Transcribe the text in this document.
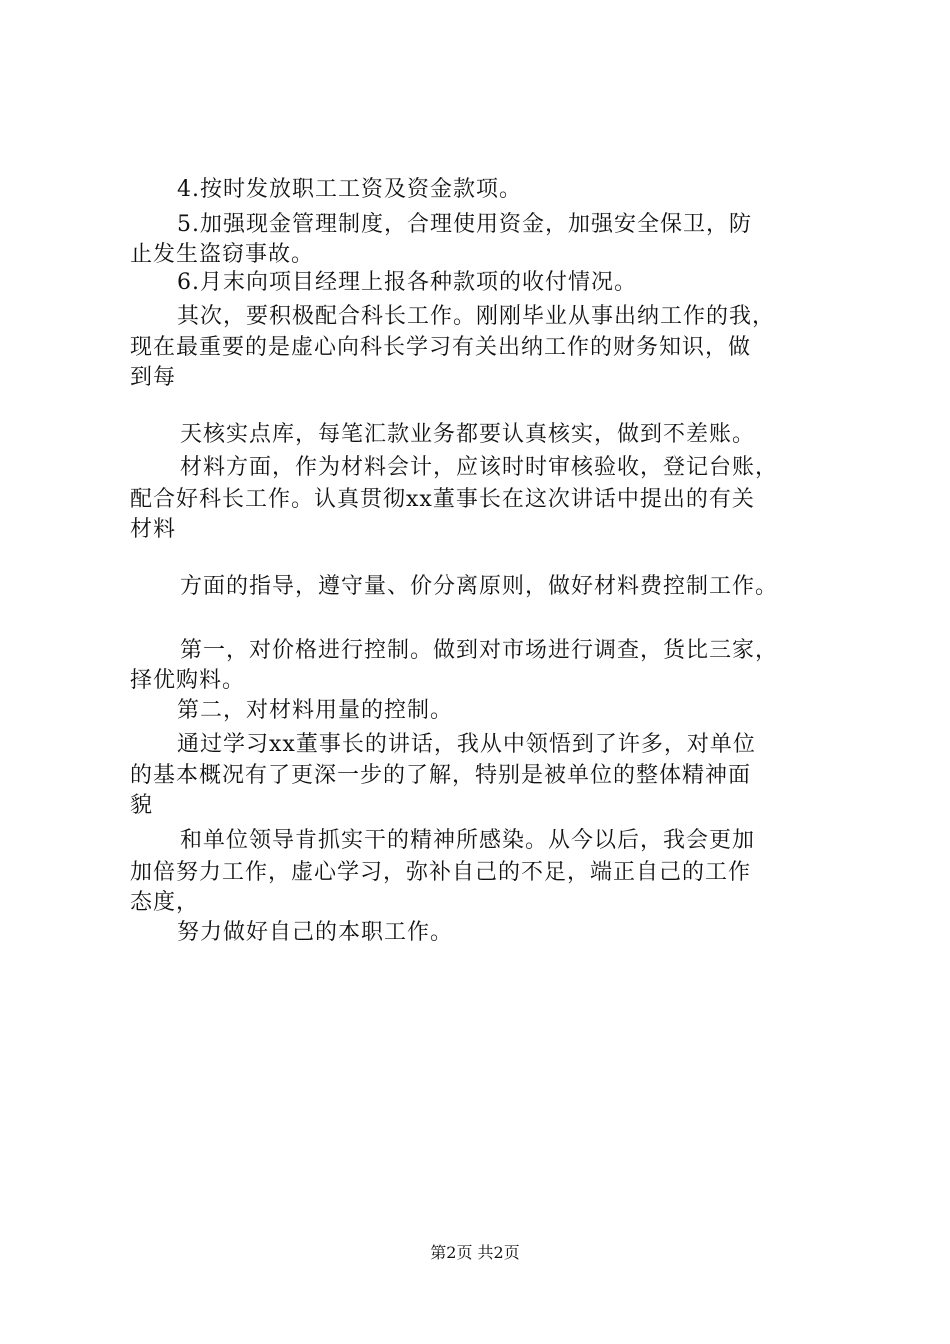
4.按时发放职工工资及资金款项。
5.加强现金管理制度，合理使用资金，加强安全保卫，防
止发生盗窃事故。
6.月末向项目经理上报各种款项的收付情况。
其次，要积极配合科长工作。刚刚毕业从事出纳工作的我，
现在最重要的是虚心向科长学习有关出纳工作的财务知识，做
到每
天核实点库，每笔汇款业务都要认真核实，做到不差账。
材料方面，作为材料会计，应该时时审核验收，登记台账，
配合好科长工作。认真贯彻xx董事长在这次讲话中提出的有关
材料
方面的指导，遵守量、价分离原则，做好材料费控制工作。
第一，对价格进行控制。做到对市场进行调查，货比三家，
择优购料。
第二，对材料用量的控制。
通过学习xx董事长的讲话，我从中领悟到了许多，对单位
的基本概况有了更深一步的了解，特别是被单位的整体精神面
貌
和单位领导肯抓实干的精神所感染。从今以后，我会更加
加倍努力工作，虚心学习，弥补自己的不足，端正自己的工作
态度，
努力做好自己的本职工作。
第2页 共2页
